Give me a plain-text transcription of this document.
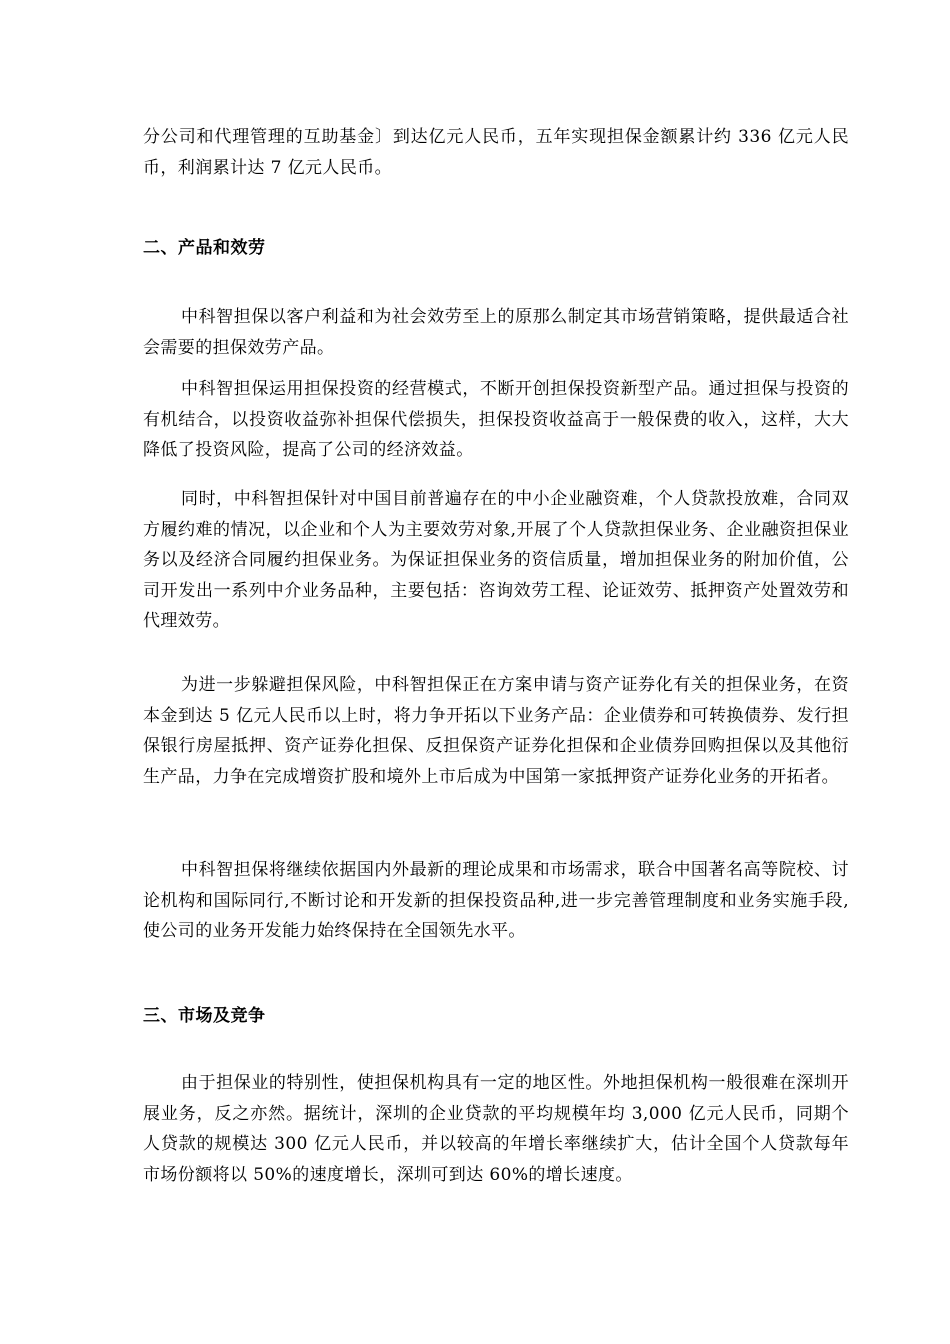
分公司和代理管理的互助基金〕到达亿元人民币，五年实现担保金额累计约 336 亿元人民币，利润累计达 7 亿元人民币。

二、产品和效劳

中科智担保以客户利益和为社会效劳至上的原那么制定其市场营销策略，提供最适合社会需要的担保效劳产品。

中科智担保运用担保投资的经营模式，不断开创担保投资新型产品。通过担保与投资的有机结合，以投资收益弥补担保代偿损失，担保投资收益高于一般保费的收入，这样，大大降低了投资风险，提高了公司的经济效益。

同时，中科智担保针对中国目前普遍存在的中小企业融资难，个人贷款投放难，合同双方履约难的情况，以企业和个人为主要效劳对象,开展了个人贷款担保业务、企业融资担保业务以及经济合同履约担保业务。为保证担保业务的资信质量，增加担保业务的附加价值，公司开发出一系列中介业务品种，主要包括：咨询效劳工程、论证效劳、抵押资产处置效劳和代理效劳。

为进一步躲避担保风险，中科智担保正在方案申请与资产证券化有关的担保业务，在资本金到达 5 亿元人民币以上时，将力争开拓以下业务产品：企业债券和可转换债券、发行担保银行房屋抵押、资产证券化担保、反担保资产证券化担保和企业债券回购担保以及其他衍生产品，力争在完成增资扩股和境外上市后成为中国第一家抵押资产证券化业务的开拓者。

中科智担保将继续依据国内外最新的理论成果和市场需求，联合中国著名高等院校、讨论机构和国际同行,不断讨论和开发新的担保投资品种,进一步完善管理制度和业务实施手段,使公司的业务开发能力始终保持在全国领先水平。

三、市场及竞争

由于担保业的特别性，使担保机构具有一定的地区性。外地担保机构一般很难在深圳开展业务，反之亦然。据统计，深圳的企业贷款的平均规模年均 3,000 亿元人民币，同期个人贷款的规模达 300 亿元人民币，并以较高的年增长率继续扩大，估计全国个人贷款每年市场份额将以 50%的速度增长，深圳可到达 60%的增长速度。
